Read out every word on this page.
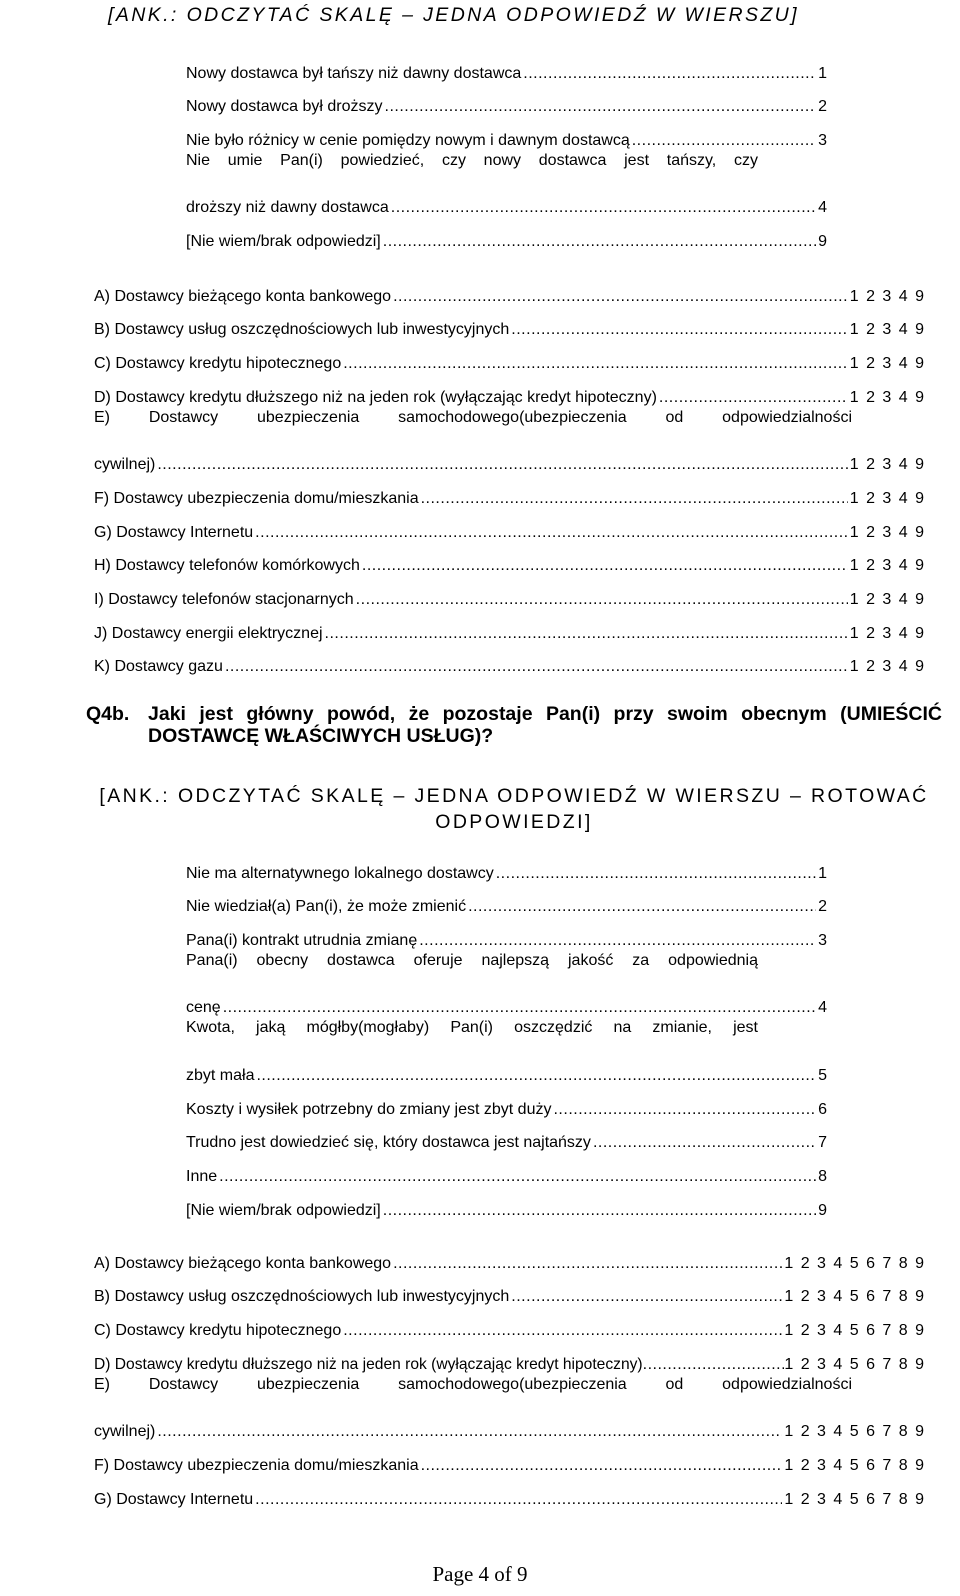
[ANK.: ODCZYTAĆ SKALĘ – JEDNA ODPOWIEDŹ W WIERSZU]
Nowy dostawca był tańszy niż dawny dostawca .....	1
Nowy dostawca był droższy .....	2
Nie było różnicy w cenie pomiędzy nowym i dawnym dostawcą .....	3
Nie umie Pan(i) powiedzieć, czy nowy dostawca jest tańszy, czy
droższy niż dawny dostawca .....	4
[Nie wiem/brak odpowiedzi] .....	9
A) Dostawcy bieżącego konta bankowego .....	1 2 3 4 9
B) Dostawcy usług oszczędnościowych lub inwestycyjnych .....	1 2 3 4 9
C) Dostawcy kredytu hipotecznego .....	1 2 3 4 9
D) Dostawcy kredytu dłuższego niż na jeden rok (wyłączając kredyt hipoteczny) .....	1 2 3 4 9
E) Dostawcy ubezpieczenia samochodowego(ubezpieczenia od odpowiedzialności
cywilnej) .....	1 2 3 4 9
F) Dostawcy ubezpieczenia domu/mieszkania .....	1 2 3 4 9
G) Dostawcy Internetu .....	1 2 3 4 9
H) Dostawcy telefonów komórkowych .....	1 2 3 4 9
I) Dostawcy telefonów stacjonarnych .....	1 2 3 4 9
J) Dostawcy energii elektrycznej .....	1 2 3 4 9
K) Dostawcy gazu .....	1 2 3 4 9
Q4b. Jaki jest główny powód, że pozostaje Pan(i) przy swoim obecnym (UMIEŚCIĆ
DOSTAWCĘ WŁAŚCIWYCH USŁUG)?
[ANK.: ODCZYTAĆ SKALĘ – JEDNA ODPOWIEDŹ W WIERSZU – ROTOWAĆ
ODPOWIEDZI]
Nie ma alternatywnego lokalnego dostawcy .....	1
Nie wiedział(a) Pan(i), że może zmienić .....	2
Pana(i) kontrakt utrudnia zmianę .....	3
Pana(i) obecny dostawca oferuje najlepszą jakość za odpowiednią
cenę .....	4
Kwota, jaką mógłby(mogłaby) Pan(i) oszczędzić na zmianie, jest
zbyt mała .....	5
Koszty i wysiłek potrzebny do zmiany jest zbyt duży .....	6
Trudno jest dowiedzieć się, który dostawca jest najtańszy .....	7
Inne .....	8
[Nie wiem/brak odpowiedzi] .....	9
A) Dostawcy bieżącego konta bankowego .....	1 2 3 4 5 6 7 8 9
B) Dostawcy usług oszczędnościowych lub inwestycyjnych .....	1 2 3 4 5 6 7 8 9
C) Dostawcy kredytu hipotecznego .....	1 2 3 4 5 6 7 8 9
D) Dostawcy kredytu dłuższego niż na jeden rok (wyłączając kredyt hipoteczny) .....	1 2 3 4 5 6 7 8 9
E) Dostawcy ubezpieczenia samochodowego(ubezpieczenia od odpowiedzialności
cywilnej) .....	1 2 3 4 5 6 7 8 9
F) Dostawcy ubezpieczenia domu/mieszkania .....	1 2 3 4 5 6 7 8 9
G) Dostawcy Internetu .....	1 2 3 4 5 6 7 8 9
Page 4 of 9
